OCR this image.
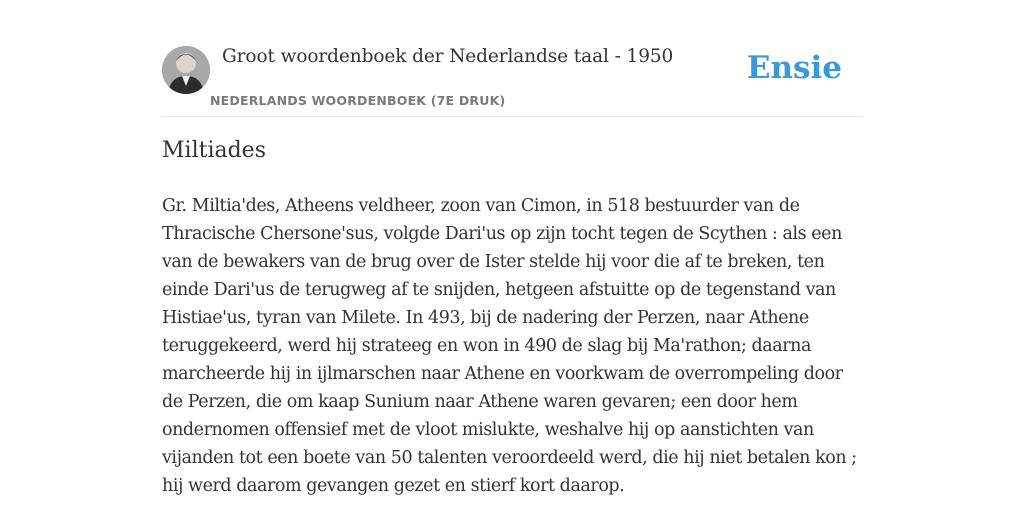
Groot woordenboek der Nederlandse taal - 1950
NEDERLANDS WOORDENBOEK (7E DRUK)
Ensie
Miltiades

Gr. Miltia'des, Atheens veldheer, zoon van Cimon, in 518 bestuurder van de Thracische Chersone'sus, volgde Dari'us op zijn tocht tegen de Scythen : als een van de bewakers van de brug over de Ister stelde hij voor die af te breken, ten einde Dari'us de terugweg af te snijden, hetgeen afstuitte op de tegenstand van Histiae'us, tyran van Milete. In 493, bij de nadering der Perzen, naar Athene teruggekeerd, werd hij strateeg en won in 490 de slag bij Ma'rathon; daarna marcheerde hij in ijlmarschen naar Athene en voorkwam de overrompeling door de Perzen, die om kaap Sunium naar Athene waren gevaren; een door hem ondernomen offensief met de vloot mislukte, weshalve hij op aanstichten van vijanden tot een boete van 50 talenten veroordeeld werd, die hij niet betalen kon ; hij werd daarom gevangen gezet en stierf kort daarop.
